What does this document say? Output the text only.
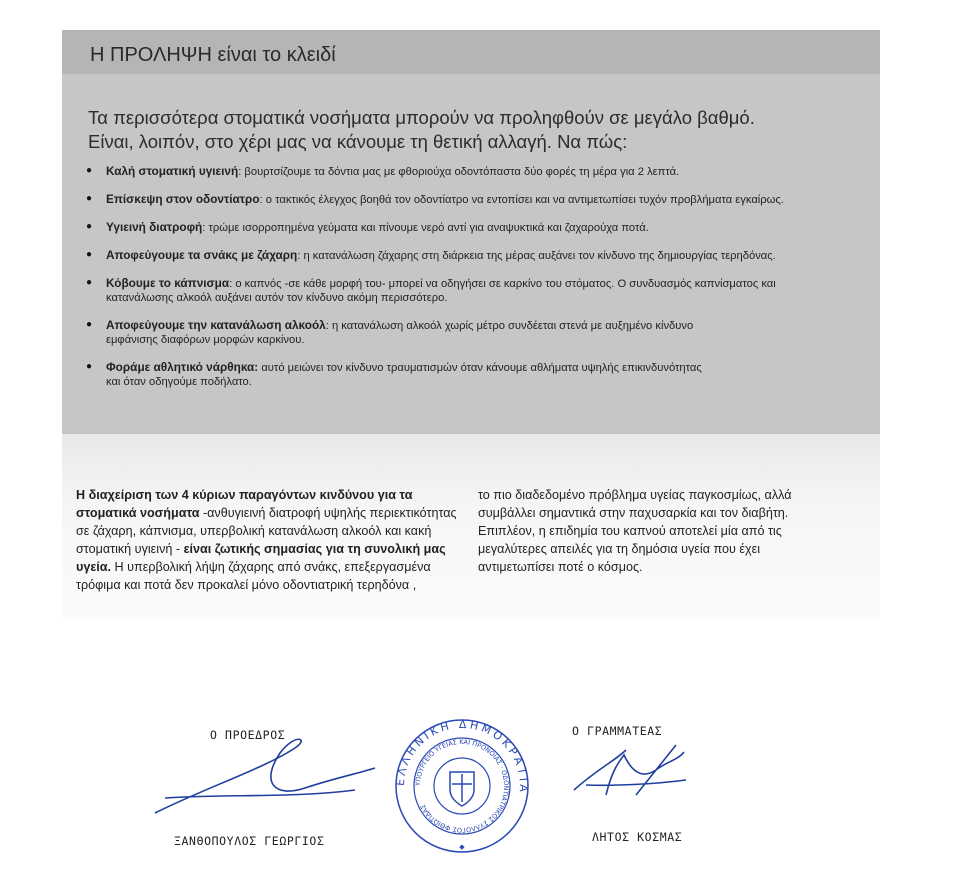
Η ΠΡΟΛΗΨΗ είναι το κλειδί
Τα περισσότερα στοματικά νοσήματα μπορούν να προληφθούν σε μεγάλο βαθμό. Είναι, λοιπόν, στο χέρι μας να κάνουμε τη θετική αλλαγή. Να πώς:
● Καλή στοματική υγιεινή: βουρτσίζουμε τα δόντια μας με φθοριούχα οδοντόπαστα δύο φορές τη μέρα για 2 λεπτά.
● Επίσκεψη στον οδοντίατρο: ο τακτικός έλεγχος βοηθά τον οδοντίατρο να εντοπίσει και να αντιμετωπίσει τυχόν προβλήματα εγκαίρως.
● Υγιεινή διατροφή: τρώμε ισορροπημένα γεύματα και πίνουμε νερό αντί για αναψυκτικά και ζαχαρούχα ποτά.
● Αποφεύγουμε τα σνάκς με ζάχαρη: η κατανάλωση ζάχαρης στη διάρκεια της μέρας αυξάνει τον κίνδυνο της δημιουργίας τερηδόνας.
● Κόβουμε το κάπνισμα: ο καπνός -σε κάθε μορφή του- μπορεί να οδηγήσει σε καρκίνο του στόματος. Ο συνδυασμός καπνίσματος και κατανάλωσης αλκοόλ αυξάνει αυτόν τον κίνδυνο ακόμη περισσότερο.
● Αποφεύγουμε την κατανάλωση αλκοόλ: η κατανάλωση αλκοόλ χωρίς μέτρο συνδέεται στενά με αυξημένο κίνδυνο εμφάνισης διαφόρων μορφών καρκίνου.
● Φοράμε αθλητικό νάρθηκα: αυτό μειώνει τον κίνδυνο τραυματισμών όταν κάνουμε αθλήματα υψηλής επικινδυνότητας και όταν οδηγούμε ποδήλατο.
Η διαχείριση των 4 κύριων παραγόντων κινδύνου για τα στοματικά νοσήματα -ανθυγιεινή διατροφή υψηλής περιεκτικότητας σε ζάχαρη, κάπνισμα, υπερβολική κατανάλωση αλκοόλ και κακή στοματική υγιεινή - είναι ζωτικής σημασίας για τη συνολική μας υγεία. Η υπερβολική λήψη ζάχαρης από σνάκς, επεξεργασμένα τρόφιμα και ποτά δεν προκαλεί μόνο οδοντιατρική τερηδόνα ,
το πιο διαδεδομένο πρόβλημα υγείας παγκοσμίως, αλλά συμβάλλει σημαντικά στην παχυσαρκία και τον διαβήτη. Επιπλέον, η επιδημία του καπνού αποτελεί μία από τις μεγαλύτερες απειλές για τη δημόσια υγεία που έχει αντιμετωπίσει ποτέ ο κόσμος.
Ο ΠΡΟΕΔΡΟΣ
ΞΑΝΘΟΠΟΥΛΟΣ ΓΕΩΡΓΙΟΣ
Ο ΓΡΑΜΜΑΤΕΑΣ
ΛΗΤΟΣ ΚΟΣΜΑΣ
ΕΛΛΗΝΙΚΗ ΔΗΜΟΚΡΑΤΙΑ
ΥΠΟΥΡΓΕΙΟ ΥΓΕΙΑΣ ΚΑΙ ΠΡΟΝΟΙΑΣ · ΟΔΟΝΤΙΑΤΡΙΚΟΣ ΣΥΛΛΟΓΟΣ ΦΘΙΩΤΙΔΑΣ
◆
